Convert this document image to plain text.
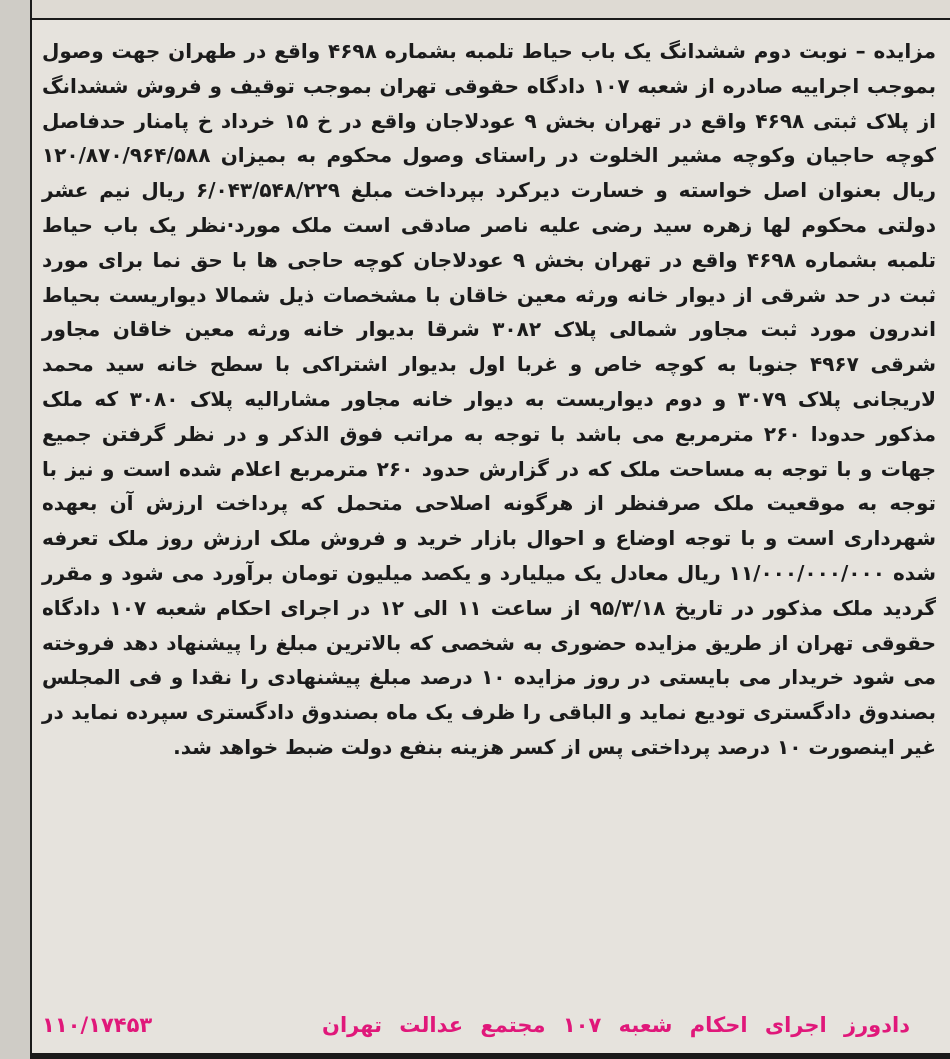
مزایده – نوبت دوم ششدانگ یک باب حیاط تلمبه بشماره ۴۶۹۸ واقع در طهران جهت وصول بموجب اجراییه صادره از شعبه ۱۰۷ دادگاه حقوقی تهران بموجب توقیف و فروش ششدانگ از پلاک ثبتی ۴۶۹۸ واقع در تهران بخش ۹ عودلاجان واقع در خ ۱۵ خرداد خ پامنار حدفاصل کوچه حاجیان وکوچه مشیر الخلوت در راستای وصول محکوم به بمیزان ۱۲۰/۸۷۰/۹۶۴/۵۸۸ ریال بعنوان اصل خواسته و خسارت دیرکرد بپرداخت مبلغ ۶/۰۴۳/۵۴۸/۲۲۹ ریال نیم عشر دولتی محکوم لها زهره سید رضی علیه ناصر صادقی است ملک مورد·نظر یک باب حیاط تلمبه بشماره ۴۶۹۸ واقع در تهران بخش ۹ عودلاجان کوچه حاجی ها با حق نما برای مورد ثبت در حد شرقی از دیوار خانه ورثه معین خاقان با مشخصات ذیل شمالا دیواریست بحیاط اندرون مورد ثبت مجاور شمالی پلاک ۳۰۸۲ شرقا بدیوار خانه ورثه معین خاقان مجاور شرقی ۴۹۶۷ جنوبا به کوچه خاص و غربا اول بدیوار اشتراکی با سطح خانه سید محمد لاریجانی پلاک ۳۰۷۹ و دوم دیواریست به دیوار خانه مجاور مشارالیه پلاک ۳۰۸۰ که ملک مذکور حدودا ۲۶۰ مترمربع می باشد با توجه به مراتب فوق الذکر و در نظر گرفتن جمیع جهات و با توجه به مساحت ملک که در گزارش حدود ۲۶۰ مترمربع اعلام شده است و نیز با توجه به موقعیت ملک صرفنظر از هرگونه اصلاحی متحمل که پرداخت ارزش آن بعهده شهرداری است و با توجه اوضاع و احوال بازار خرید و فروش ملک ارزش روز ملک تعرفه شده ۱۱/۰۰۰/۰۰۰/۰۰۰ ریال معادل یک میلیارد و یکصد میلیون تومان برآورد می شود و مقرر گردید ملک مذکور در تاریخ ۹۵/۳/۱۸ از ساعت ۱۱ الی ۱۲ در اجرای احکام شعبه ۱۰۷ دادگاه حقوقی تهران از طریق مزایده حضوری به شخصی که بالاترین مبلغ را پیشنهاد دهد فروخته می شود خریدار می بایستی در روز مزایده ۱۰ درصد مبلغ پیشنهادی را نقدا و فی المجلس بصندوق دادگستری تودیع نماید و الباقی را ظرف یک ماه بصندوق دادگستری سپرده نماید در غیر اینصورت ۱۰ درصد پرداختی پس از کسر هزینه بنفع دولت ضبط خواهد شد.

دادورز اجرای احکام شعبه ۱۰۷ مجتمع عدالت تهران
۱۱۰/۱۷۴۵۳
